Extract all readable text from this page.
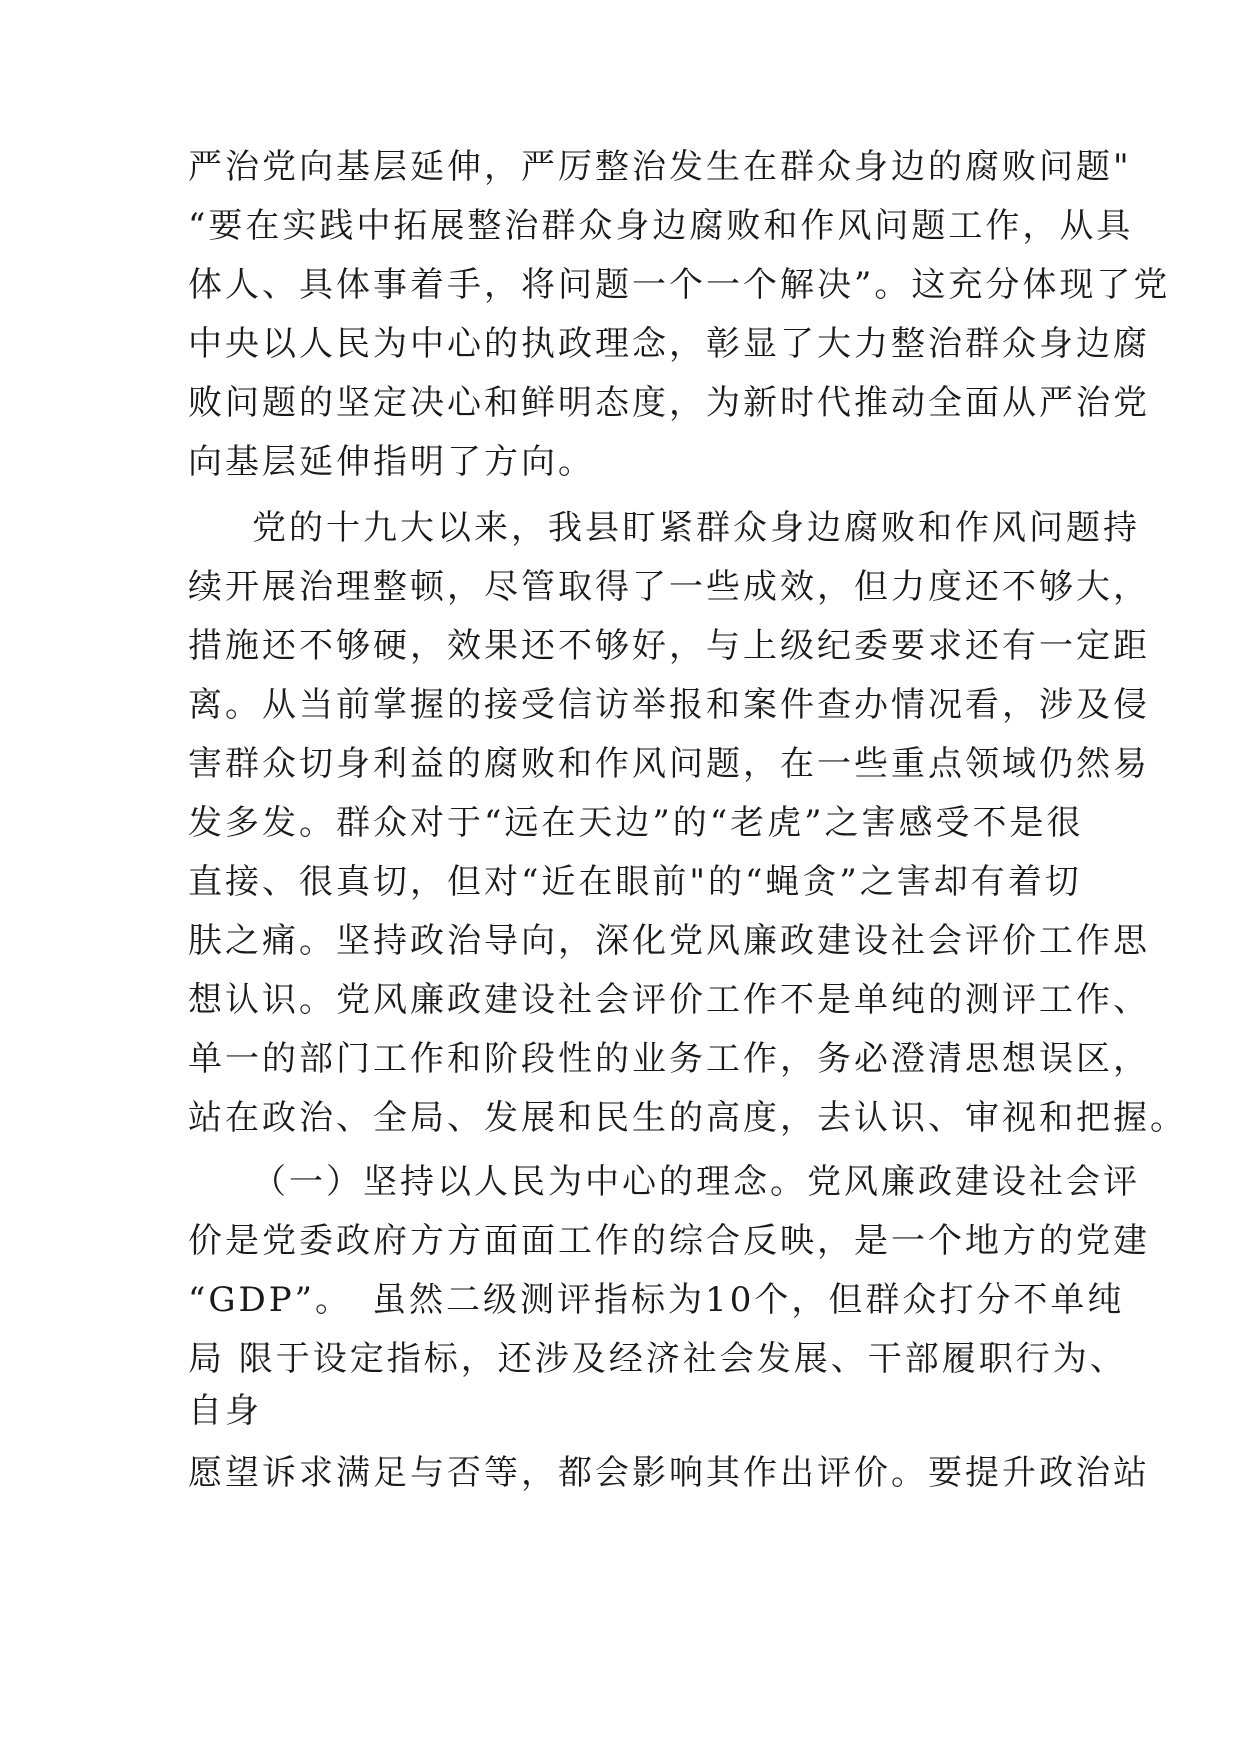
严治党向基层延伸，严厉整治发生在群众身边的腐败问题"
“要在实践中拓展整治群众身边腐败和作风问题工作，从具
体人、具体事着手，将问题一个一个解决”。这充分体现了党
中央以人民为中心的执政理念，彰显了大力整治群众身边腐
败问题的坚定决心和鲜明态度，为新时代推动全面从严治党
向基层延伸指明了方向。
党的十九大以来，我县盯紧群众身边腐败和作风问题持
续开展治理整顿，尽管取得了一些成效，但力度还不够大，
措施还不够硬，效果还不够好，与上级纪委要求还有一定距
离。从当前掌握的接受信访举报和案件查办情况看，涉及侵
害群众切身利益的腐败和作风问题，在一些重点领域仍然易
发多发。群众对于“远在天边”的“老虎”之害感受不是很
直接、很真切，但对“近在眼前"的“蝇贪”之害却有着切
肤之痛。坚持政治导向，深化党风廉政建设社会评价工作思
想认识。党风廉政建设社会评价工作不是单纯的测评工作、
单一的部门工作和阶段性的业务工作，务必澄清思想误区，
站在政治、全局、发展和民生的高度，去认识、审视和把握。
（一）坚持以人民为中心的理念。党风廉政建设社会评
价是党委政府方方面面工作的综合反映，是一个地方的党建
“GDP”。　虽然二级测评指标为10个，但群众打分不单纯
局 限于设定指标，还涉及经济社会发展、干部履职行为、
自身
愿望诉求满足与否等，都会影响其作出评价。要提升政治站
